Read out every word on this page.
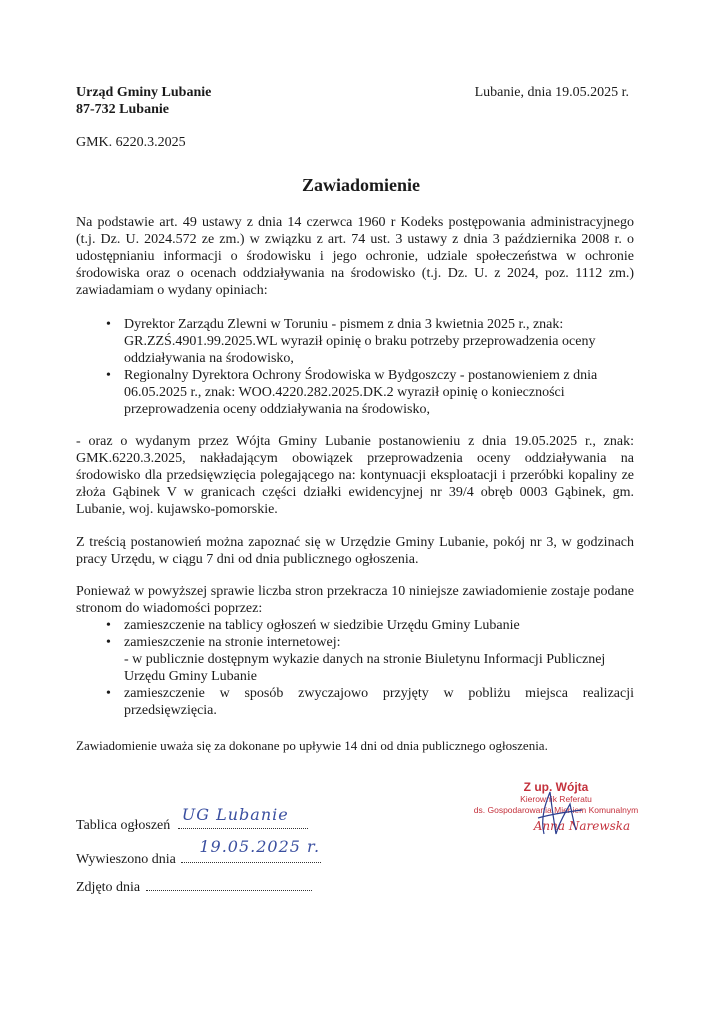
Urząd Gminy Lubanie
87-732 Lubanie
Lubanie, dnia 19.05.2025 r.
GMK. 6220.3.2025
Zawiadomienie
Na podstawie art. 49 ustawy z dnia 14 czerwca 1960 r Kodeks postępowania administracyjnego (t.j. Dz. U. 2024.572 ze zm.) w związku z art. 74 ust. 3 ustawy z dnia 3 października 2008 r. o udostępnianiu informacji o środowisku i jego ochronie, udziale społeczeństwa w ochronie środowiska oraz o ocenach oddziaływania na środowisko (t.j. Dz. U. z 2024, poz. 1112 zm.) zawiadamiam o wydany opiniach:
• Dyrektor Zarządu Zlewni w Toruniu - pismem z dnia 3 kwietnia 2025 r., znak: GR.ZZŚ.4901.99.2025.WL wyraził opinię o braku potrzeby przeprowadzenia oceny oddziaływania na środowisko,
• Regionalny Dyrektora Ochrony Środowiska w Bydgoszczy - postanowieniem z dnia 06.05.2025 r., znak: WOO.4220.282.2025.DK.2 wyraził opinię o konieczności przeprowadzenia oceny oddziaływania na środowisko,
- oraz o wydanym przez Wójta Gminy Lubanie postanowieniu z dnia 19.05.2025 r., znak: GMK.6220.3.2025, nakładającym obowiązek przeprowadzenia oceny oddziaływania na środowisko dla przedsięwzięcia polegającego na: kontynuacji eksploatacji i przeróbki kopaliny ze złoża Gąbinek V w granicach części działki ewidencyjnej nr 39/4 obręb 0003 Gąbinek, gm. Lubanie, woj. kujawsko-pomorskie.
Z treścią postanowień można zapoznać się w Urzędzie Gminy Lubanie, pokój nr 3, w godzinach pracy Urzędu, w ciągu 7 dni od dnia publicznego ogłoszenia.
Ponieważ w powyższej sprawie liczba stron przekracza 10 niniejsze zawiadomienie zostaje podane stronom do wiadomości poprzez:
• zamieszczenie na tablicy ogłoszeń w siedzibie Urzędu Gminy Lubanie
• zamieszczenie na stronie internetowej:
- w publicznie dostępnym wykazie danych na stronie Biuletynu Informacji Publicznej Urzędu Gminy Lubanie
• zamieszczenie w sposób zwyczajowo przyjęty w pobliżu miejsca realizacji przedsięwzięcia.
Zawiadomienie uważa się za dokonane po upływie 14 dni od dnia publicznego ogłoszenia.
Z up. Wójta
Kierownik Referatu
ds. Gospodarowania Mieniem Komunalnym
Anna Narewska
Tablica ogłoszeń
UG Lubanie
Wywieszono dnia
19.05.2025 r.
Zdjęto dnia
